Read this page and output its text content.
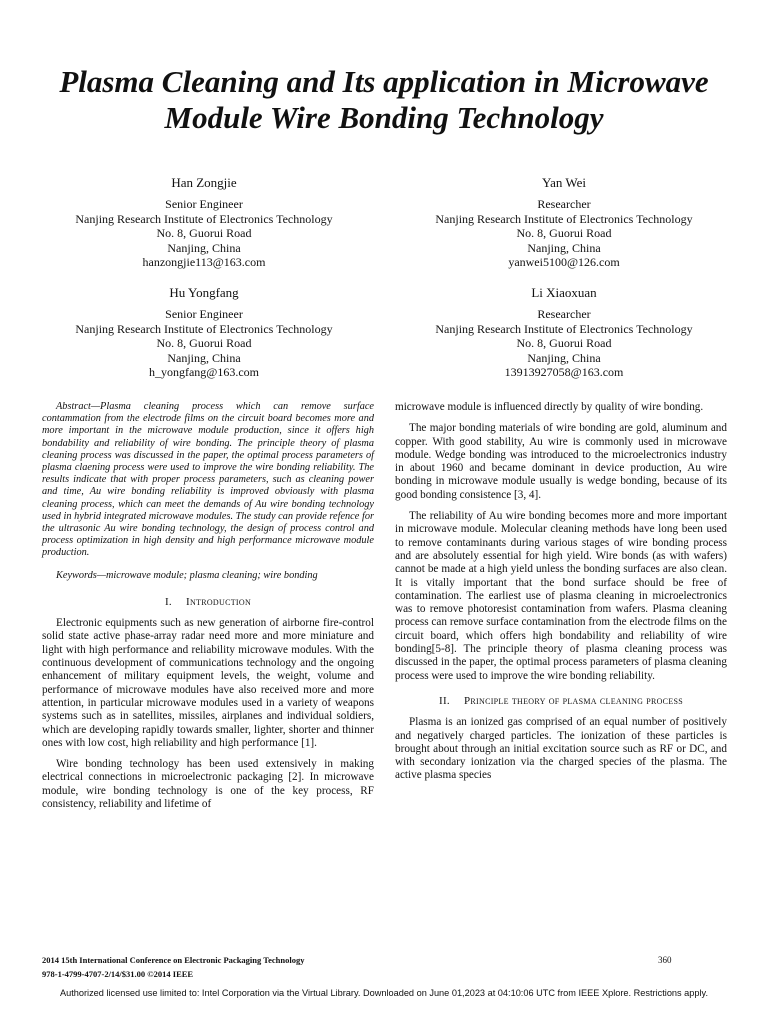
Plasma Cleaning and Its application in Microwave Module Wire Bonding Technology
Han Zongjie
Senior Engineer
Nanjing Research Institute of Electronics Technology
No. 8, Guorui Road
Nanjing, China
hanzongjie113@163.com
Yan Wei
Researcher
Nanjing Research Institute of Electronics Technology
No. 8, Guorui Road
Nanjing, China
yanwei5100@126.com
Hu Yongfang
Senior Engineer
Nanjing Research Institute of Electronics Technology
No. 8, Guorui Road
Nanjing, China
h_yongfang@163.com
Li Xiaoxuan
Researcher
Nanjing Research Institute of Electronics Technology
No. 8, Guorui Road
Nanjing, China
13913927058@163.com

Abstract—Plasma cleaning process which can remove surface contammation from the electrode films on the circuit board becomes more and more important in the microwave module production, since it offers high bondability and reliability of wire bonding. The principle theory of plasma cleaning process was discussed in the paper, the optimal process parameters of plasma claening process were used to improve the wire bonding reliability. The results indicate that with proper process parameters, such as cleaning power and time, Au wire bonding reliability is improved obviously with plasma cleaning process, which can meet the demands of Au wire bonding technology used in hybrid integrated microwave modules. The study can provide refence for the ultrasonic Au wire bonding technology, the design of process control and process optimization in high density and high performance microwave module production.

Keywords—microwave module; plasma cleaning; wire bonding

I. Introduction

Electronic equipments such as new generation of airborne fire-control solid state active phase-array radar need more and more miniature and light with high performance and reliability microwave modules. With the continuous development of communications technology and the ongoing enhancement of military equipment levels, the weight, volume and performance of microwave modules have also received more and more attention, in particular microwave modules used in a variety of weapons systems such as in satellites, missiles, airplanes and individual soldiers, which are developing rapidly towards smaller, lighter, shorter and thinner ones with low cost, high reliability and high performance [1].

Wire bonding technology has been used extensively in making electrical connections in microelectronic packaging [2]. In microwave module, wire bonding technology is one of the key process, RF consistency, reliability and lifetime of

microwave module is influenced directly by quality of wire bonding.

The major bonding materials of wire bonding are gold, aluminum and copper. With good stability, Au wire is commonly used in microwave module. Wedge bonding was introduced to the microelectronics industry in about 1960 and became dominant in device production, Au wire bonding in microwave module usually is wedge bonding, because of its good bonding consistence [3, 4].

The reliability of Au wire bonding becomes more and more important in microwave module. Molecular cleaning methods have long been used to remove contaminants during various stages of wire bonding process and are absolutely essential for high yield. Wire bonds (as with wafers) cannot be made at a high yield unless the bonding surfaces are also clean. It is vitally important that the bond surface should be free of contamination. The earliest use of plasma cleaning in microelectronics was to remove photoresist contamination from wafers. Plasma cleaning process can remove surface contamination from the electrode films on the circuit board, which offers high bondability and reliability of wire bonding[5-8]. The principle theory of plasma cleaning process was discussed in the paper, the optimal process parameters of plasma cleaning process were used to improve the wire bonding reliability.

II. Principle theory of plasma cleaning process

Plasma is an ionized gas comprised of an equal number of positively and negatively charged particles. The ionization of these particles is brought about through an initial excitation source such as RF or DC, and with secondary ionization via the charged species of the plasma. The active plasma species

2014 15th International Conference on Electronic Packaging Technology
978-1-4799-4707-2/14/$31.00 ©2014 IEEE
360
Authorized licensed use limited to: Intel Corporation via the Virtual Library. Downloaded on June 01,2023 at 04:10:06 UTC from IEEE Xplore. Restrictions apply.
